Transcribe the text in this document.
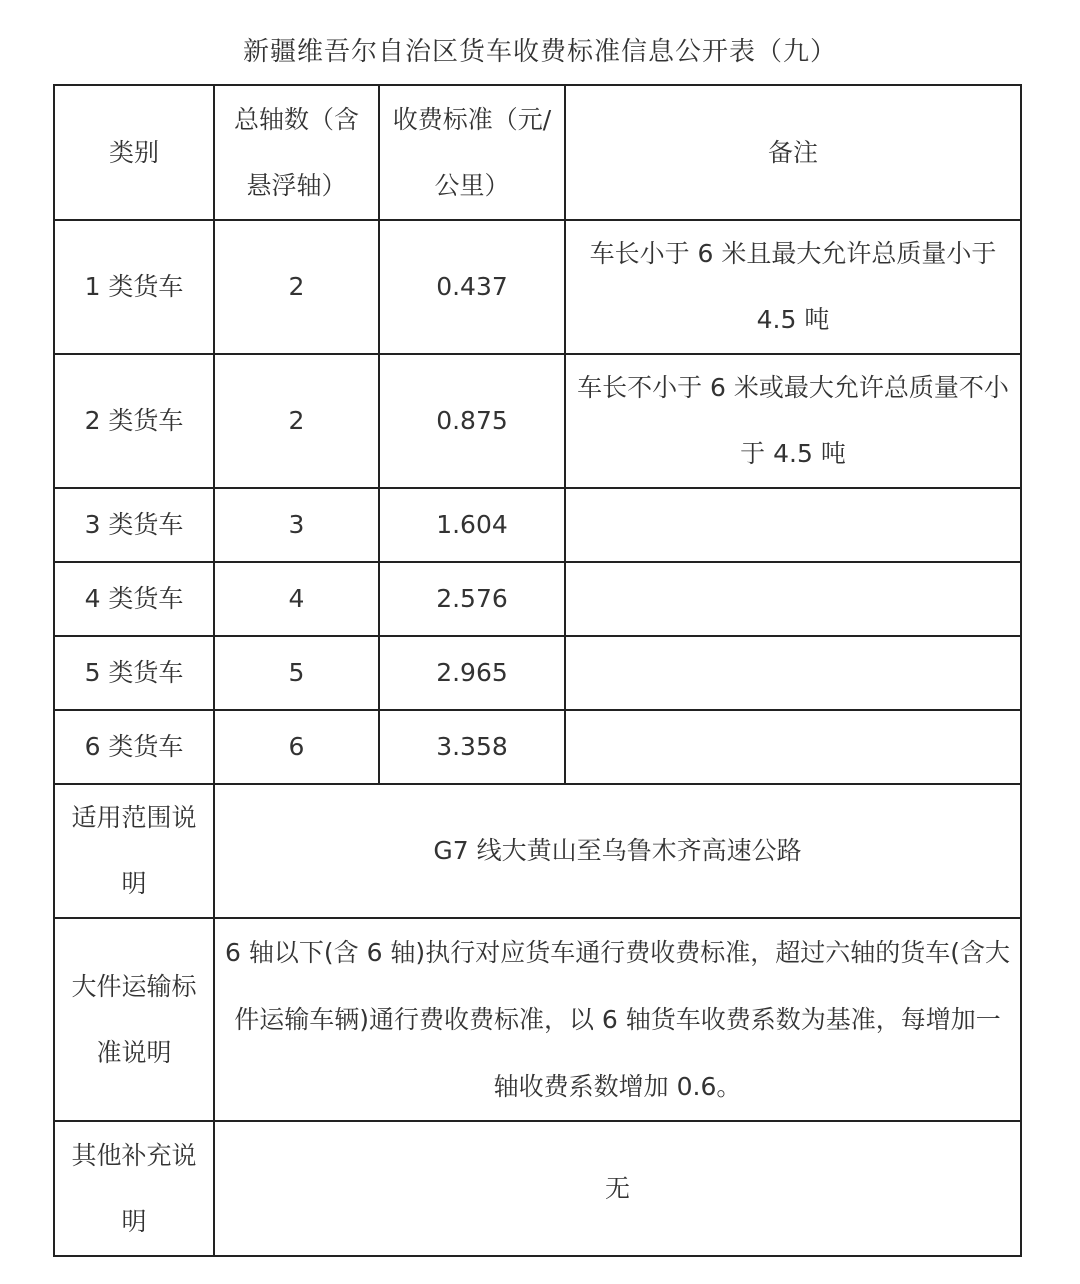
新疆维吾尔自治区货车收费标准信息公开表（九）
类别	总轴数（含悬浮轴）	收费标准（元/公里）	备注
1 类货车	2	0.437	车长小于 6 米且最大允许总质量小于 4.5 吨
2 类货车	2	0.875	车长不小于 6 米或最大允许总质量不小于 4.5 吨
3 类货车	3	1.604	
4 类货车	4	2.576	
5 类货车	5	2.965	
6 类货车	6	3.358	
适用范围说明	G7 线大黄山至乌鲁木齐高速公路		
大件运输标准说明	6 轴以下(含 6 轴)执行对应货车通行费收费标准，超过六轴的货车(含大件运输车辆)通行费收费标准，以 6 轴货车收费系数为基准，每增加一轴收费系数增加 0.6。		
其他补充说明	无		
